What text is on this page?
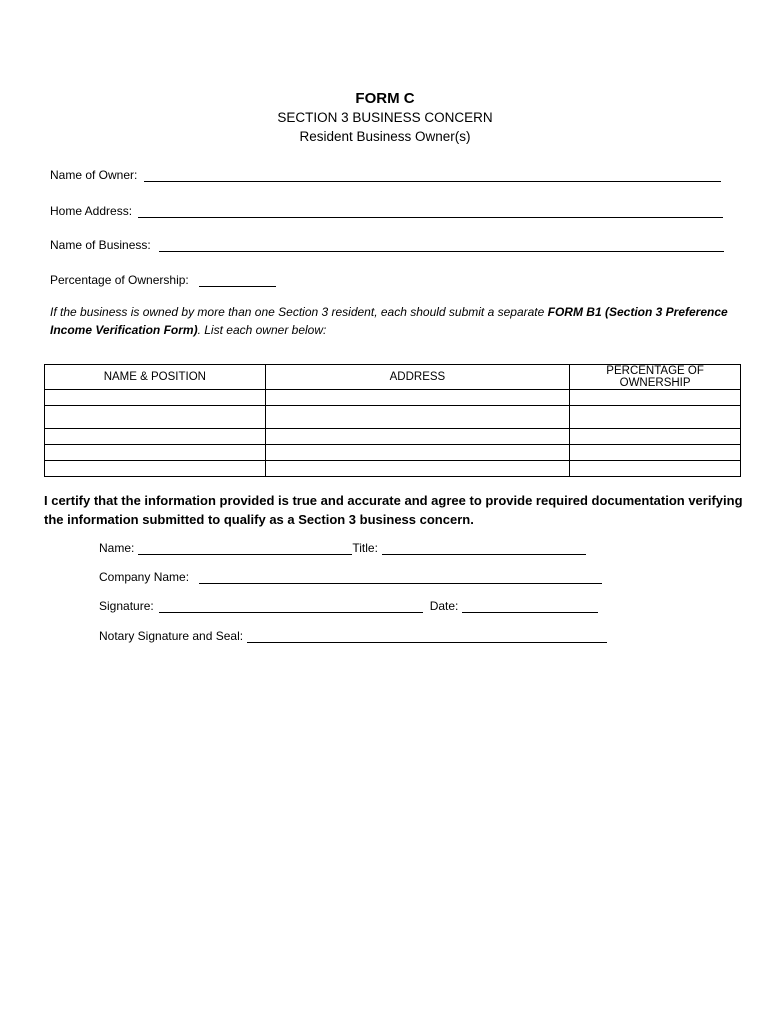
FORM C
SECTION 3 BUSINESS CONCERN
Resident Business Owner(s)
Name of Owner:
Home Address:
Name of Business:
Percentage of Ownership:
If the business is owned by more than one Section 3 resident, each should submit a separate FORM B1 (Section 3 Preference Income Verification Form). List each owner below:
NAME & POSITION	ADDRESS	PERCENTAGE OF OWNERSHIP

I certify that the information provided is true and accurate and agree to provide required documentation verifying the information submitted to qualify as a Section 3 business concern.
Name:	Title:
Company Name:
Signature:	Date:
Notary Signature and Seal:
